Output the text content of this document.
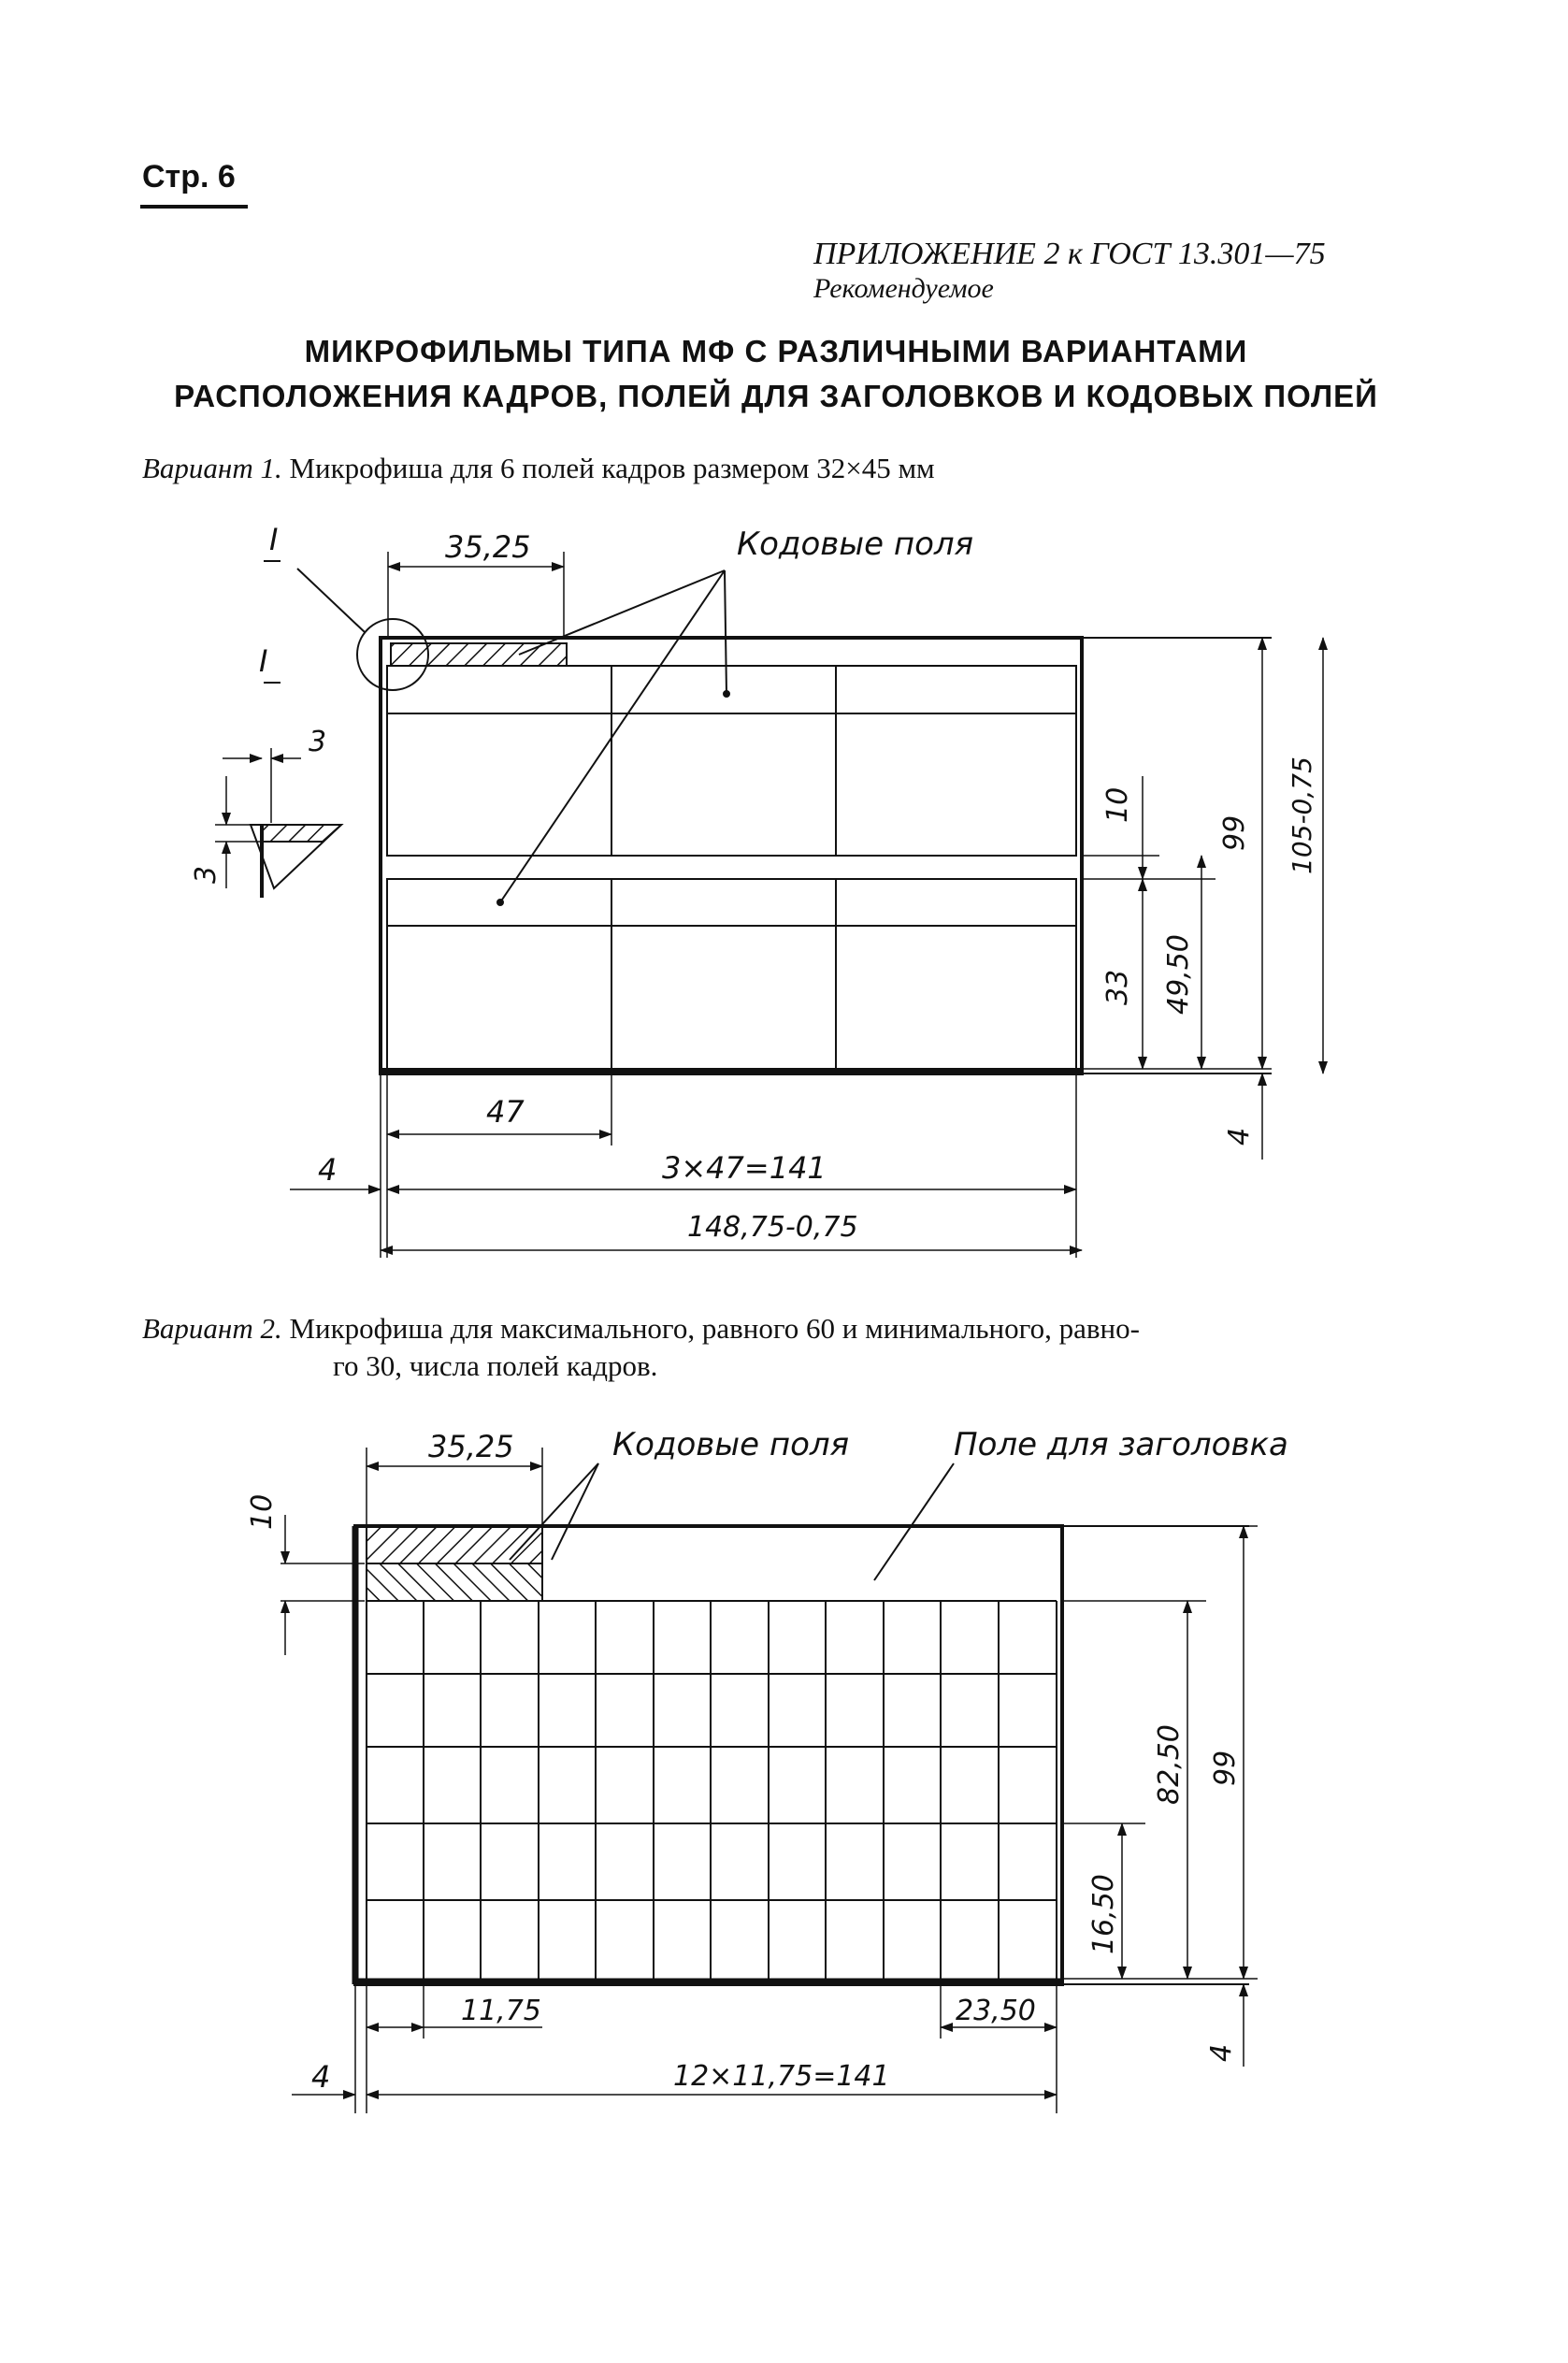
Стр. 6
ПРИЛОЖЕНИЕ 2 к ГОСТ 13.301—75
Рекомендуемое
МИКРОФИЛЬМЫ ТИПА МФ С РАЗЛИЧНЫМИ ВАРИАНТАМИ
РАСПОЛОЖЕНИЯ КАДРОВ, ПОЛЕЙ ДЛЯ ЗАГОЛОВКОВ И КОДОВЫХ ПОЛЕЙ
Вариант 1. Микрофиша для 6 полей кадров размером 32×45 мм
Вариант 2. Микрофиша для максимального, равного 60 и минимального, равно-
го 30, числа полей кадров.
I
I
35,25	Кодовые поля
3
3
10
99 105-0,75
33 49,50
4
47
4	3×47=141
148,75-0,75
35,25	Кодовые поля	Поле для заголовка
10
82,50 99
16,50
4
11,75	23,50
4	12×11,75=141
